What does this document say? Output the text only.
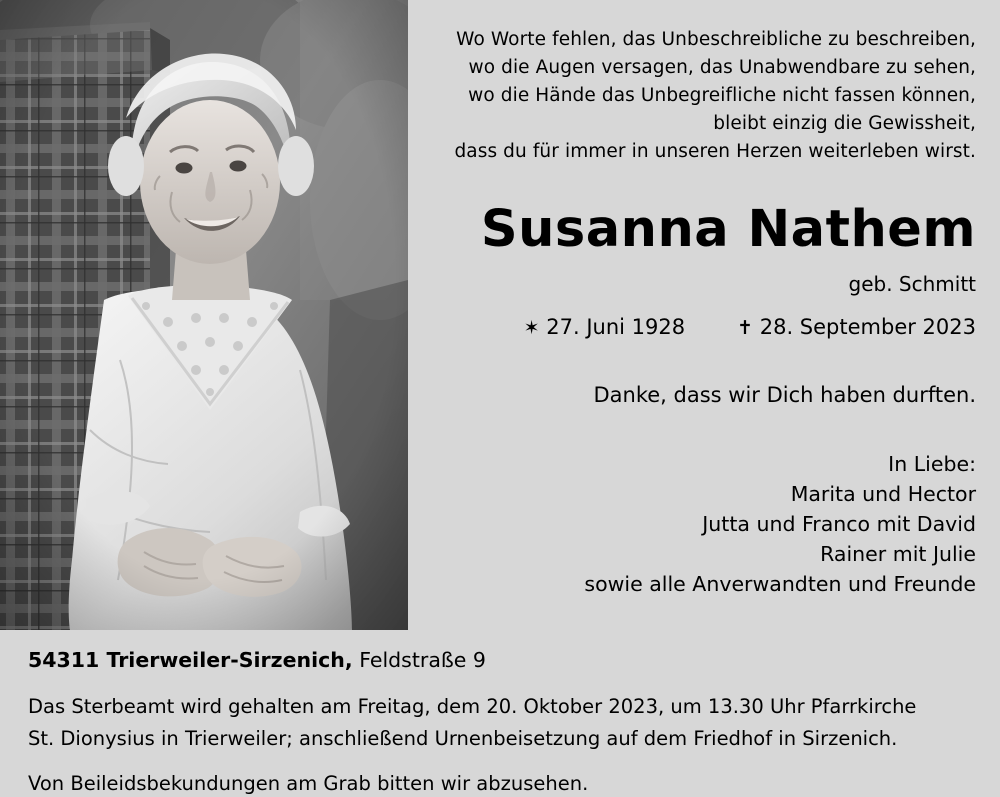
Wo Worte fehlen, das Unbeschreibliche zu beschreiben,
wo die Augen versagen, das Unabwendbare zu sehen,
wo die Hände das Unbegreifliche nicht fassen können,
bleibt einzig die Gewissheit,
dass du für immer in unseren Herzen weiterleben wirst.
Susanna Nathem
geb. Schmitt
✶ 27. Juni 1928	✝ 28. September 2023
Danke, dass wir Dich haben durften.
In Liebe:
Marita und Hector
Jutta und Franco mit David
Rainer mit Julie
sowie alle Anverwandten und Freunde
54311 Trierweiler-Sirzenich, Feldstraße 9
Das Sterbeamt wird gehalten am Freitag, dem 20. Oktober 2023, um 13.30 Uhr Pfarrkirche
St. Dionysius in Trierweiler; anschließend Urnenbeisetzung auf dem Friedhof in Sirzenich.
Von Beileidsbekundungen am Grab bitten wir abzusehen.
